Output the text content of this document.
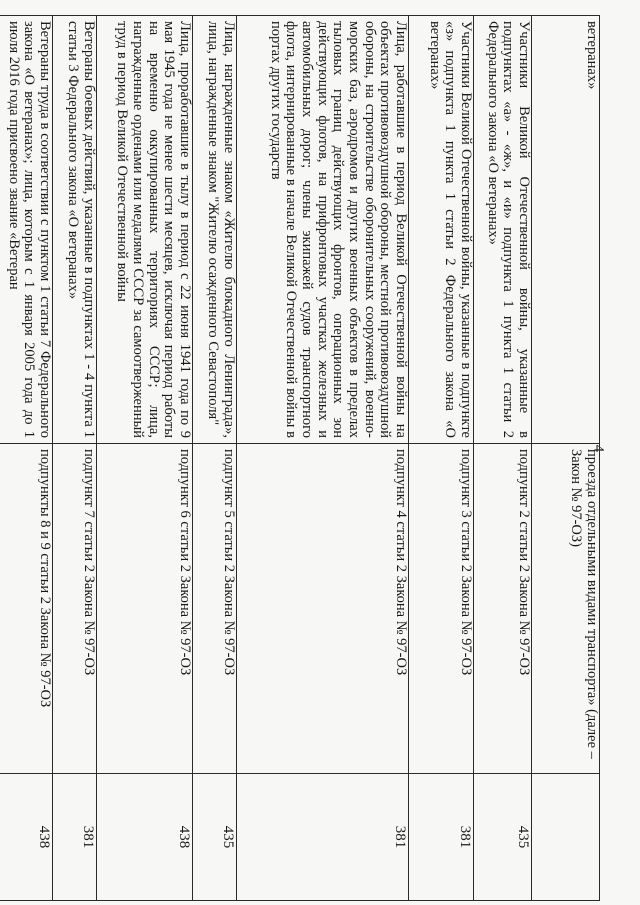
4
ветеранах»	проезда отдельными видами транспорта» (далее – Закон № 97-ОЗ)	
Участники Великой Отечественной войны, указанные в подпунктах «а» - «ж», и «и» подпункта 1 пункта 1 статьи 2 Федерального закона «О ветеранах»	подпункт 2 статьи 2 Закона № 97-ОЗ	435
Участники Великой Отечественной войны, указанные в подпункте «з» подпункта 1 пункта 1 статьи 2 Федерального закона «О ветеранах»	подпункт 3 статьи 2 Закона № 97-ОЗ	381
Лица, работавшие в период Великой Отечественной войны на объектах противовоздушной обороны, местной противовоздушной обороны, на строительстве оборонительных сооружений, военно-морских баз, аэродромов и других военных объектов в пределах тыловых границ действующих фронтов, операционных зон действующих флотов, на прифронтовых участках железных и автомобильных дорог; члены экипажей судов транспортного флота, интернированные в начале Великой Отечественной войны в портах других государств	подпункт 4 статьи 2 Закона № 97-ОЗ	381
Лица, награжденные знаком «Жителю блокадного Ленинграда», лица, награжденные знаком "Жителю осажденного Севастополя"	подпункт 5 статьи 2 Закона № 97-ОЗ	435
Лица, проработавшие в тылу в период с 22 июня 1941 года по 9 мая 1945 года не менее шести месяцев, исключая период работы на временно оккупированных территориях СССР; лица, награжденные орденами или медалями СССР за самоотверженный труд в период Великой Отечественной войны	подпункт 6 статьи 2 Закона № 97-ОЗ	438
Ветераны боевых действий, указанные в подпунктах 1 - 4 пункта 1 статьи 3 Федерального закона «О ветеранах»	подпункт 7 статьи 2 Закона № 97-ОЗ	381
Ветераны труда в соответствии с пунктом 1 статьи 7 Федерального закона «О ветеранах»; лица, которым с 1 января 2005 года до 1 июля 2016 года присвоено звание «Ветеран	подпункты 8 и 9 статьи 2 Закона № 97-ОЗ	438
